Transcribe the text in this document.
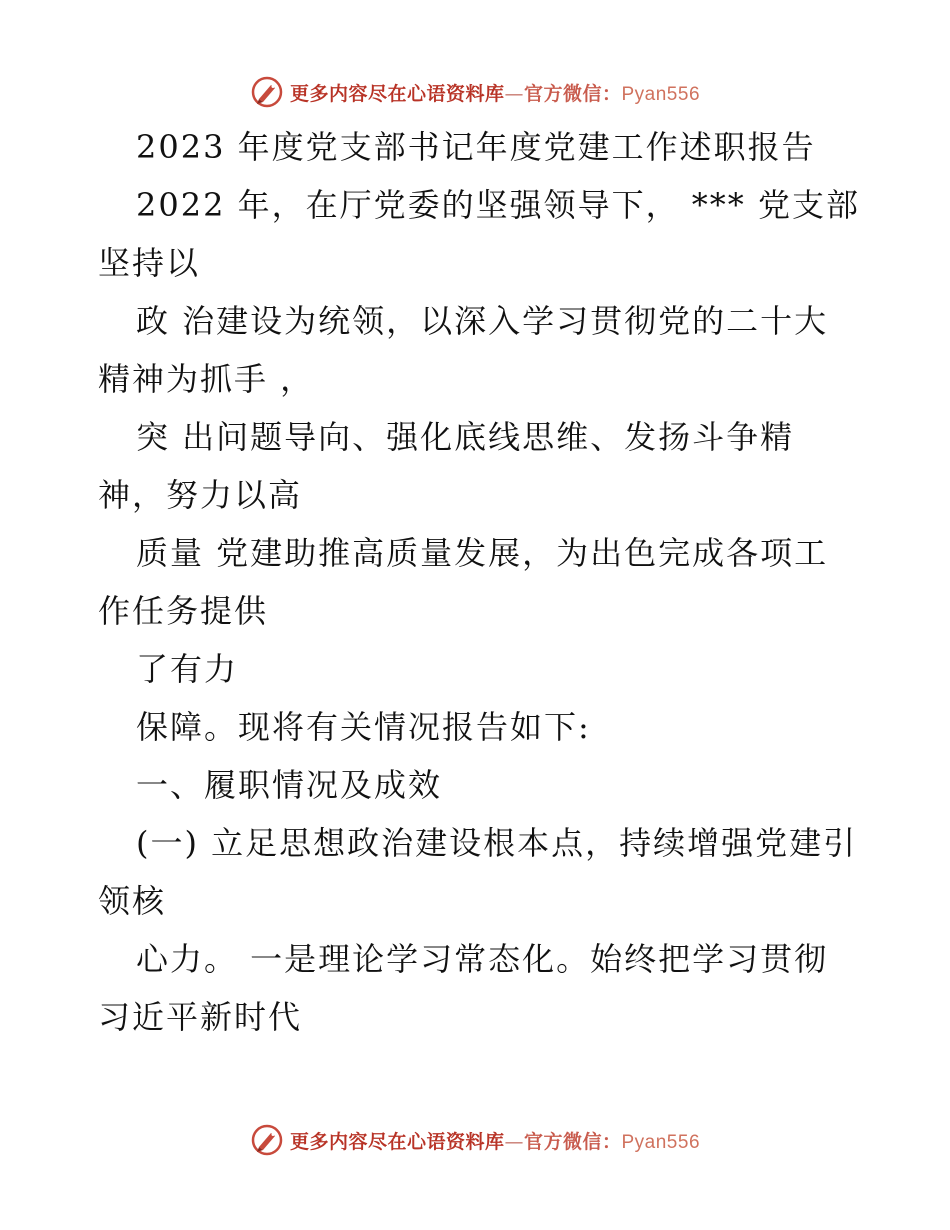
更多内容尽在心语资料库—官方微信：Pyan556
2023 年度党支部书记年度党建工作述职报告
2022 年，在厅党委的坚强领导下， *** 党支部
坚持以
政 治建设为统领，以深入学习贯彻党的二十大
精神为抓手 ，
突 出问题导向、强化底线思维、发扬斗争精
神，努力以高
质量 党建助推高质量发展，为出色完成各项工
作任务提供
了有力
保障。现将有关情况报告如下:
一、履职情况及成效
(一) 立足思想政治建设根本点，持续增强党建引
领核
心力。 一是理论学习常态化。始终把学习贯彻
习近平新时代
更多内容尽在心语资料库—官方微信：Pyan556
